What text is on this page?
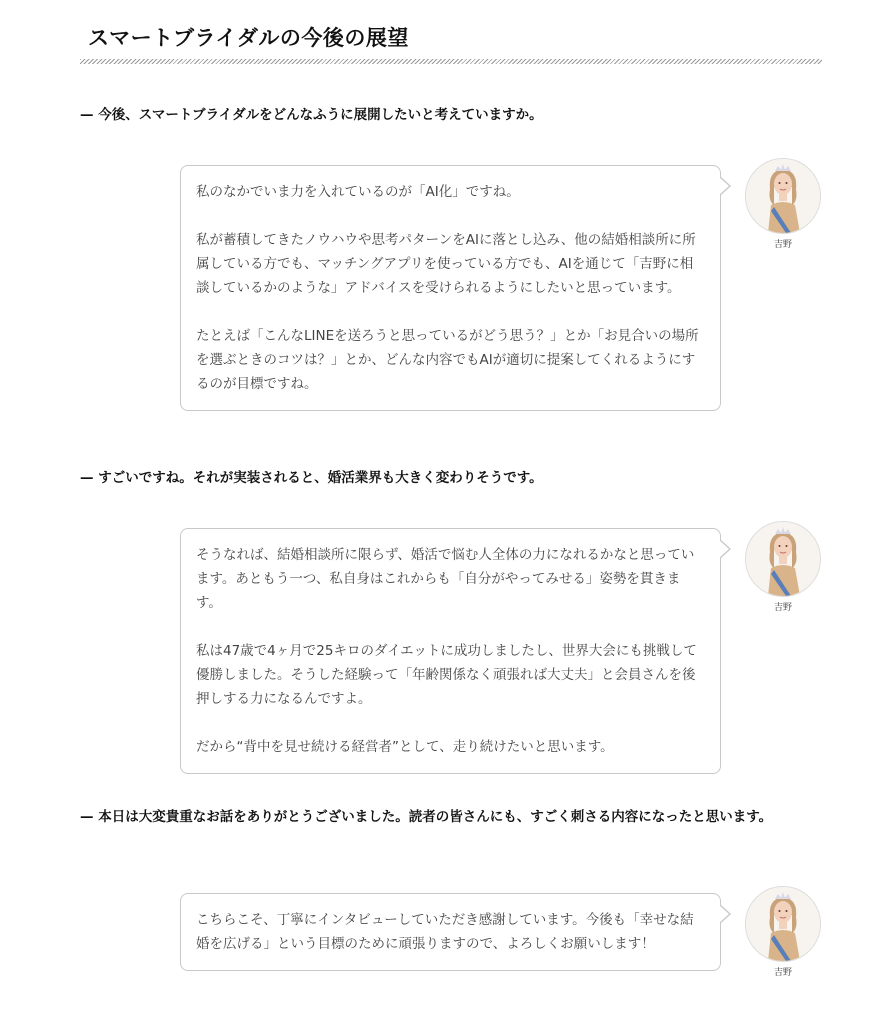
スマートブライダルの今後の展望

— 今後、スマートブライダルをどんなふうに展開したいと考えていますか。

私のなかでいま力を入れているのが「AI化」ですね。

私が蓄積してきたノウハウや思考パターンをAIに落とし込み、他の結婚相談所に所属している方でも、マッチングアプリを使っている方でも、AIを通じて「吉野に相談しているかのような」アドバイスを受けられるようにしたいと思っています。

たとえば「こんなLINEを送ろうと思っているがどう思う？」とか「お見合いの場所を選ぶときのコツは？」とか、どんな内容でもAIが適切に提案してくれるようにするのが目標ですね。

吉野

— すごいですね。それが実装されると、婚活業界も大きく変わりそうです。

そうなれば、結婚相談所に限らず、婚活で悩む人全体の力になれるかなと思っています。あともう一つ、私自身はこれからも「自分がやってみせる」姿勢を貫きます。

私は47歳で4ヶ月で25キロのダイエットに成功しましたし、世界大会にも挑戦して優勝しました。そうした経験って「年齢関係なく頑張れば大丈夫」と会員さんを後押しする力になるんですよ。

だから“背中を見せ続ける経営者”として、走り続けたいと思います。

吉野

— 本日は大変貴重なお話をありがとうございました。読者の皆さんにも、すごく刺さる内容になったと思います。

こちらこそ、丁寧にインタビューしていただき感謝しています。今後も「幸せな結婚を広げる」という目標のために頑張りますので、よろしくお願いします！

吉野
